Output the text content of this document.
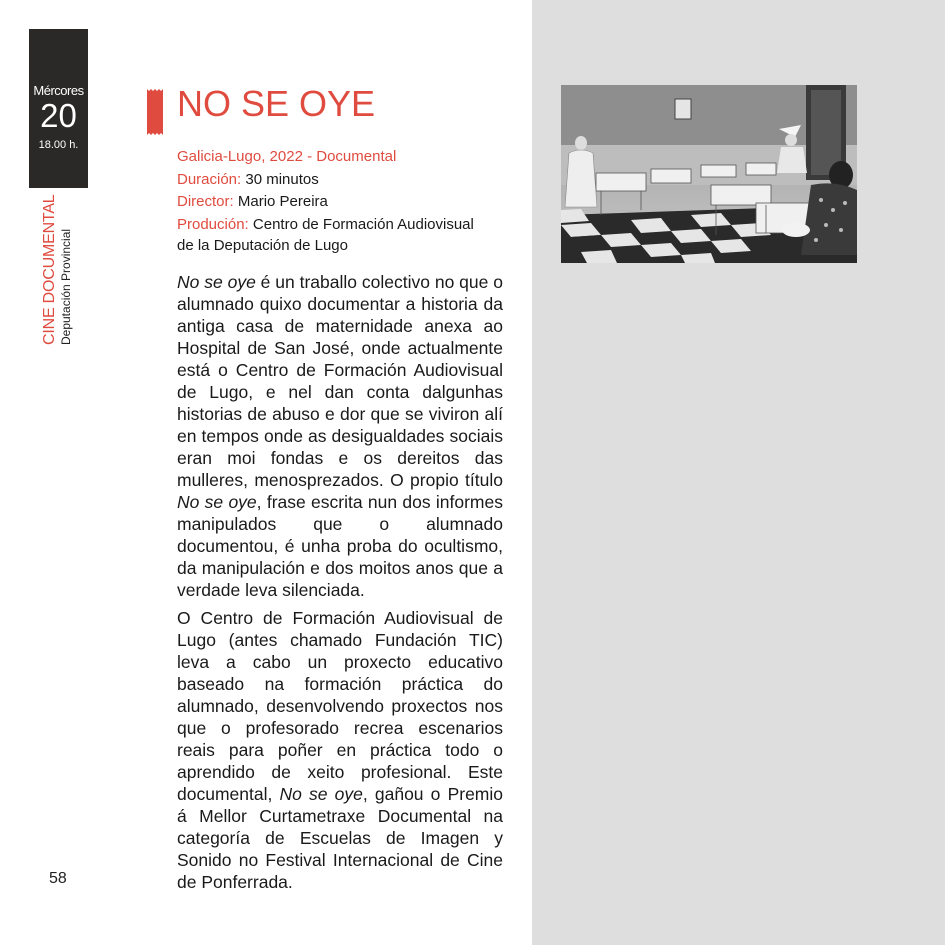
Mércores
20
18.00 h.
CINE DOCUMENTAL Deputación Provincial
58
NO SE OYE
Galicia-Lugo, 2022 - Documental
Duración: 30 minutos
Director: Mario Pereira
Produción: Centro de Formación Audiovisual
de la Deputación de Lugo

No se oye é un traballo colectivo no que o alumnado quixo documentar a historia da antiga casa de maternidade anexa ao Hospital de San José, onde actualmente está o Centro de Formación Audiovisual de Lugo, e nel dan conta dalgunhas historias de abuso e dor que se viviron alí en tempos onde as desigualdades sociais eran moi fondas e os dereitos das mulleres, menosprezados. O propio título No se oye, frase escrita nun dos informes manipulados que o alumnado documentou, é unha proba do ocultismo, da manipulación e dos moitos anos que a verdade leva silenciada.

O Centro de Formación Audiovisual de Lugo (antes chamado Fundación TIC) leva a cabo un proxecto educativo baseado na formación práctica do alumnado, desenvolvendo proxectos nos que o profesorado recrea escenarios reais para poñer en práctica todo o aprendido de xeito profesional. Este documental, No se oye, gañou o Premio á Mellor Curtametraxe Documental na categoría de Escuelas de Imagen y Sonido no Festival Internacional de Cine de Ponferrada.
